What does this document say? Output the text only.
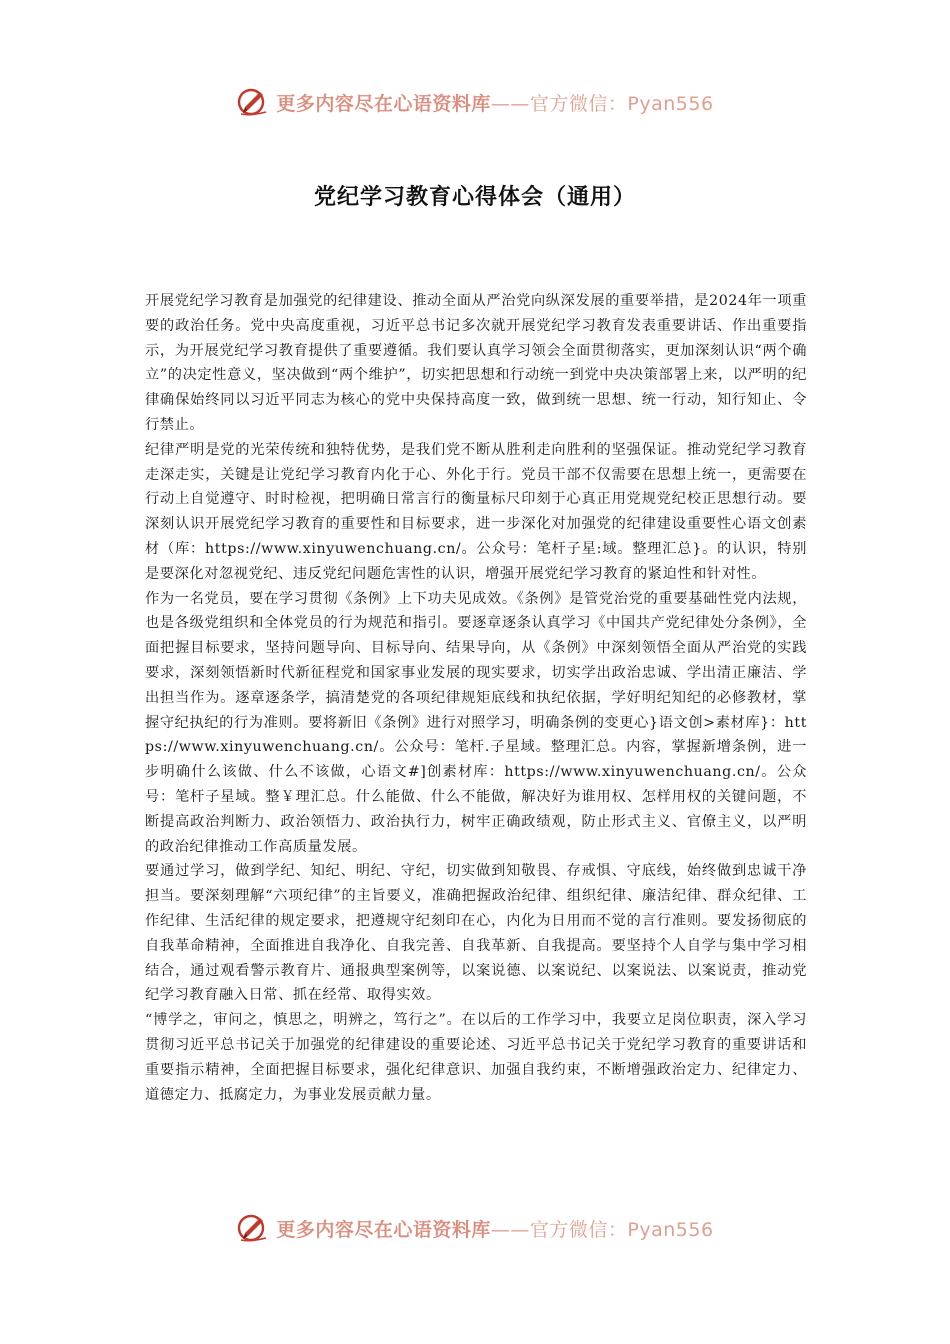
更多内容尽在心语资料库——官方微信：Pyan556
党纪学习教育心得体会（通用）

开展党纪学习教育是加强党的纪律建设、推动全面从严治党向纵深发展的重要举措，是2024年一项重要的政治任务。党中央高度重视，习近平总书记多次就开展党纪学习教育发表重要讲话、作出重要指示，为开展党纪学习教育提供了重要遵循。我们要认真学习领会全面贯彻落实，更加深刻认识“两个确立”的决定性意义，坚决做到“两个维护”，切实把思想和行动统一到党中央决策部署上来，以严明的纪律确保始终同以习近平同志为核心的党中央保持高度一致，做到统一思想、统一行动，知行知止、令行禁止。

纪律严明是党的光荣传统和独特优势，是我们党不断从胜利走向胜利的坚强保证。推动党纪学习教育走深走实，关键是让党纪学习教育内化于心、外化于行。党员干部不仅需要在思想上统一，更需要在行动上自觉遵守、时时检视，把明确日常言行的衡量标尺印刻于心真正用党规党纪校正思想行动。要深刻认识开展党纪学习教育的重要性和目标要求，进一步深化对加强党的纪律建设重要性心语文创素材（库：https://www.xinyuwenchuang.cn/。公众号：笔杆子星:域。整理汇总}。的认识，特别是要深化对忽视党纪、违反党纪问题危害性的认识，增强开展党纪学习教育的紧迫性和针对性。

作为一名党员，要在学习贯彻《条例》上下功夫见成效。《条例》是管党治党的重要基础性党内法规，也是各级党组织和全体党员的行为规范和指引。要逐章逐条认真学习《中国共产党纪律处分条例》，全面把握目标要求，坚持问题导向、目标导向、结果导向，从《条例》中深刻领悟全面从严治党的实践要求，深刻领悟新时代新征程党和国家事业发展的现实要求，切实学出政治忠诚、学出清正廉洁、学出担当作为。逐章逐条学，搞清楚党的各项纪律规矩底线和执纪依据，学好明纪知纪的必修教材，掌握守纪执纪的行为准则。要将新旧《条例》进行对照学习，明确条例的变更心}语文创>素材库}：https://www.xinyuwenchuang.cn/。公众号：笔杆.子星域。整理汇总。内容，掌握新增条例，进一步明确什么该做、什么不该做，心语文#]创素材库：https://www.xinyuwenchuang.cn/。公众号：笔杆子星域。整￥理汇总。什么能做、什么不能做，解决好为谁用权、怎样用权的关键问题，不断提高政治判断力、政治领悟力、政治执行力，树牢正确政绩观，防止形式主义、官僚主义，以严明的政治纪律推动工作高质量发展。

要通过学习，做到学纪、知纪、明纪、守纪，切实做到知敬畏、存戒惧、守底线，始终做到忠诚干净担当。要深刻理解“六项纪律”的主旨要义，准确把握政治纪律、组织纪律、廉洁纪律、群众纪律、工作纪律、生活纪律的规定要求，把遵规守纪刻印在心，内化为日用而不觉的言行准则。要发扬彻底的自我革命精神，全面推进自我净化、自我完善、自我革新、自我提高。要坚持个人自学与集中学习相结合，通过观看警示教育片、通报典型案例等，以案说德、以案说纪、以案说法、以案说责，推动党纪学习教育融入日常、抓在经常、取得实效。

“博学之，审问之，慎思之，明辨之，笃行之”。在以后的工作学习中，我要立足岗位职责，深入学习贯彻习近平总书记关于加强党的纪律建设的重要论述、习近平总书记关于党纪学习教育的重要讲话和重要指示精神，全面把握目标要求，强化纪律意识、加强自我约束，不断增强政治定力、纪律定力、道德定力、抵腐定力，为事业发展贡献力量。

更多内容尽在心语资料库——官方微信：Pyan556
